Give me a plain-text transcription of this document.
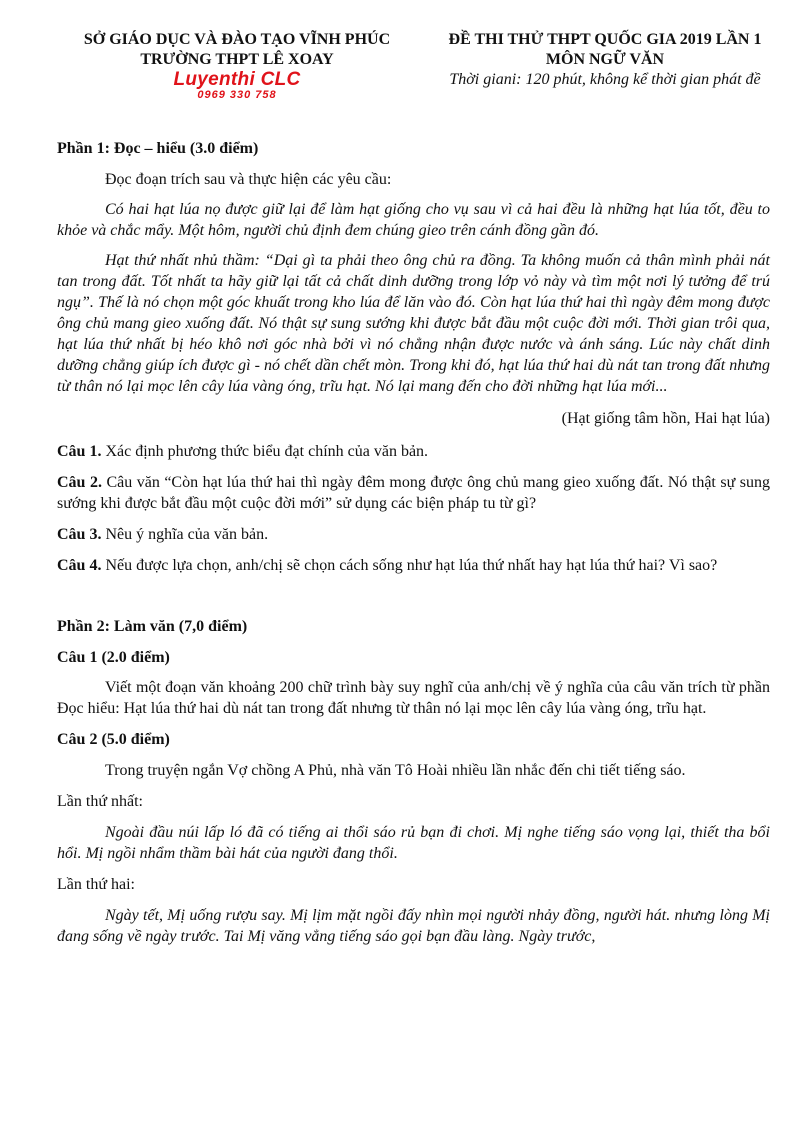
SỞ GIÁO DỤC VÀ ĐÀO TẠO VĨNH PHÚC
TRƯỜNG THPT LÊ XOAY
Luyenthi CLC
0969 330 758
ĐỀ THI THỬ THPT QUỐC GIA 2019 LẦN 1
MÔN NGỮ VĂN
Thời giani: 120 phút, không kể thời gian phát đề

Phần 1: Đọc – hiểu (3.0 điểm)

Đọc đoạn trích sau và thực hiện các yêu cầu:

Có hai hạt lúa nọ được giữ lại để làm hạt giống cho vụ sau vì cả hai đều là những hạt lúa tốt, đều to khỏe và chắc mẩy. Một hôm, người chủ định đem chúng gieo trên cánh đồng gần đó.

Hạt thứ nhất nhủ thầm: “Dại gì ta phải theo ông chủ ra đồng. Ta không muốn cả thân mình phải nát tan trong đất. Tốt nhất ta hãy giữ lại tất cả chất dinh dưỡng trong lớp vỏ này và tìm một nơi lý tưởng để trú ngụ”. Thế là nó chọn một góc khuất trong kho lúa để lăn vào đó. Còn hạt lúa thứ hai thì ngày đêm mong được ông chủ mang gieo xuống đất. Nó thật sự sung sướng khi được bắt đầu một cuộc đời mới. Thời gian trôi qua, hạt lúa thứ nhất bị héo khô nơi góc nhà bởi vì nó chẳng nhận được nước và ánh sáng. Lúc này chất dinh dưỡng chẳng giúp ích được gì - nó chết dần chết mòn. Trong khi đó, hạt lúa thứ hai dù nát tan trong đất nhưng từ thân nó lại mọc lên cây lúa vàng óng, trĩu hạt. Nó lại mang đến cho đời những hạt lúa mới...

(Hạt giống tâm hồn, Hai hạt lúa)

Câu 1. Xác định phương thức biểu đạt chính của văn bản.

Câu 2. Câu văn “Còn hạt lúa thứ hai thì ngày đêm mong được ông chủ mang gieo xuống đất. Nó thật sự sung sướng khi được bắt đầu một cuộc đời mới” sử dụng các biện pháp tu từ gì?

Câu 3. Nêu ý nghĩa của văn bản.

Câu 4. Nếu được lựa chọn, anh/chị sẽ chọn cách sống như hạt lúa thứ nhất hay hạt lúa thứ hai? Vì sao?

Phần 2: Làm văn (7,0 điểm)

Câu 1 (2.0 điểm)

Viết một đoạn văn khoảng 200 chữ trình bày suy nghĩ của anh/chị về ý nghĩa của câu văn trích từ phần Đọc hiểu: Hạt lúa thứ hai dù nát tan trong đất nhưng từ thân nó lại mọc lên cây lúa vàng óng, trĩu hạt.

Câu 2 (5.0 điểm)

Trong truyện ngắn Vợ chồng A Phủ, nhà văn Tô Hoài nhiều lần nhắc đến chi tiết tiếng sáo.

Lần thứ nhất:

Ngoài đầu núi lấp ló đã có tiếng ai thổi sáo rủ bạn đi chơi. Mị nghe tiếng sáo vọng lại, thiết tha bổi hổi. Mị ngồi nhẩm thầm bài hát của người đang thổi.

Lần thứ hai:

Ngày tết, Mị uống rượu say. Mị lịm mặt ngồi đấy nhìn mọi người nhảy đồng, người hát. nhưng lòng Mị đang sống về ngày trước. Tai Mị văng vẳng tiếng sáo gọi bạn đầu làng. Ngày trước,
